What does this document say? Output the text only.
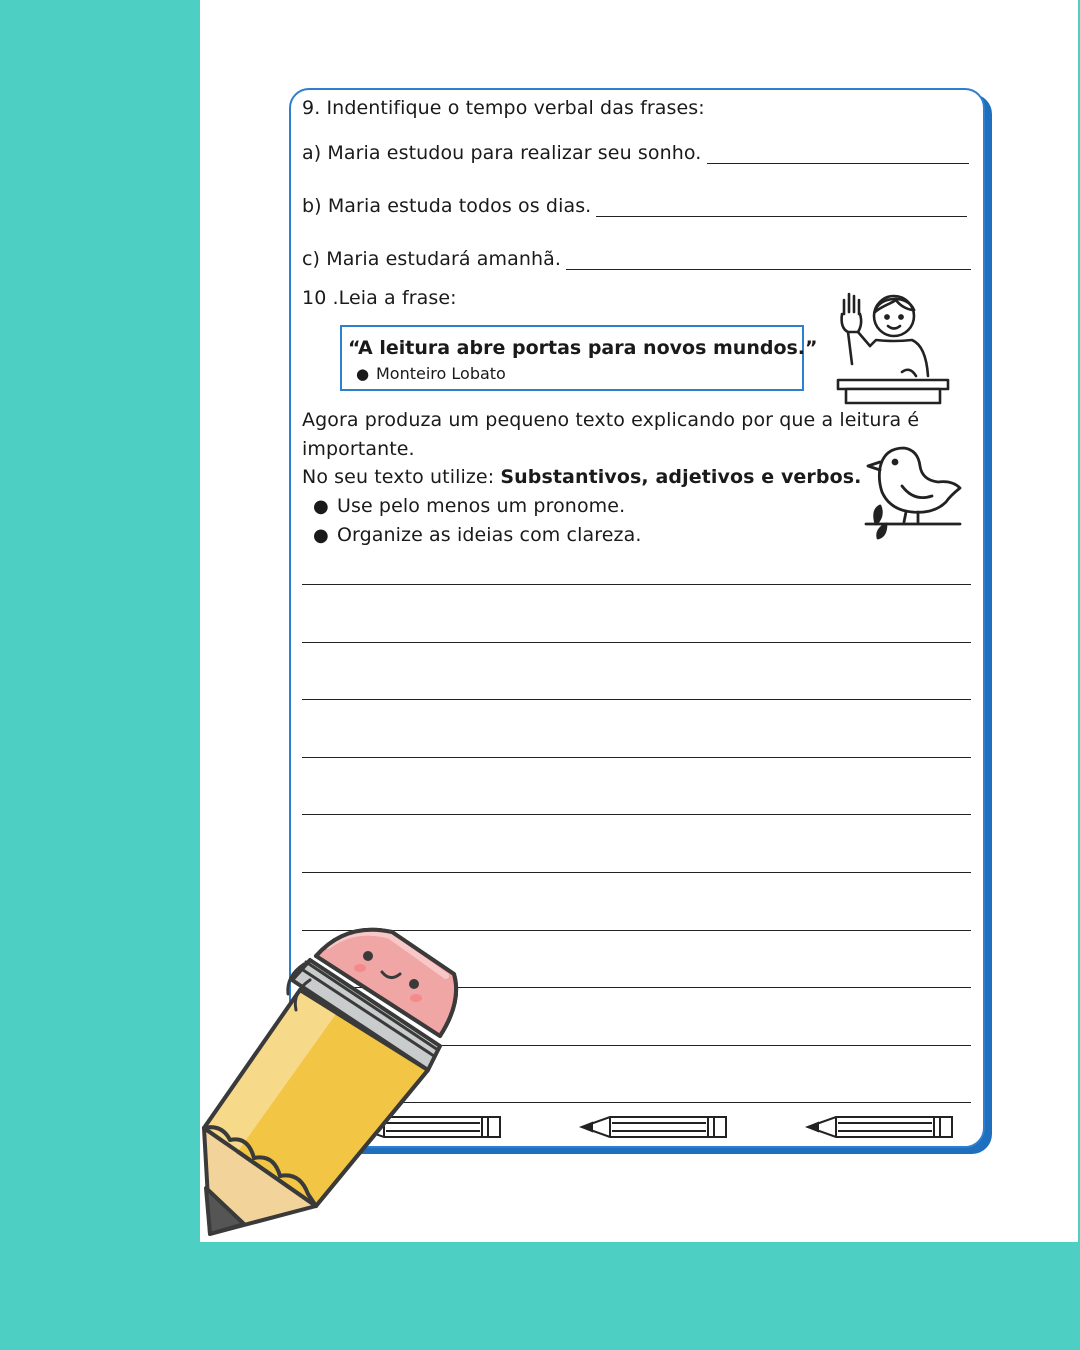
9. Indentifique o tempo verbal das frases:
a) Maria estudou para realizar seu sonho.
b) Maria estuda todos os dias.
c) Maria estudará amanhã.
10 .Leia a frase:
“A leitura abre portas para novos mundos.”
● Monteiro Lobato
Agora produza um pequeno texto explicando por que a leitura é
importante.
No seu texto utilize: Substantivos, adjetivos e verbos.
● Use pelo menos um pronome.
● Organize as ideias com clareza.
